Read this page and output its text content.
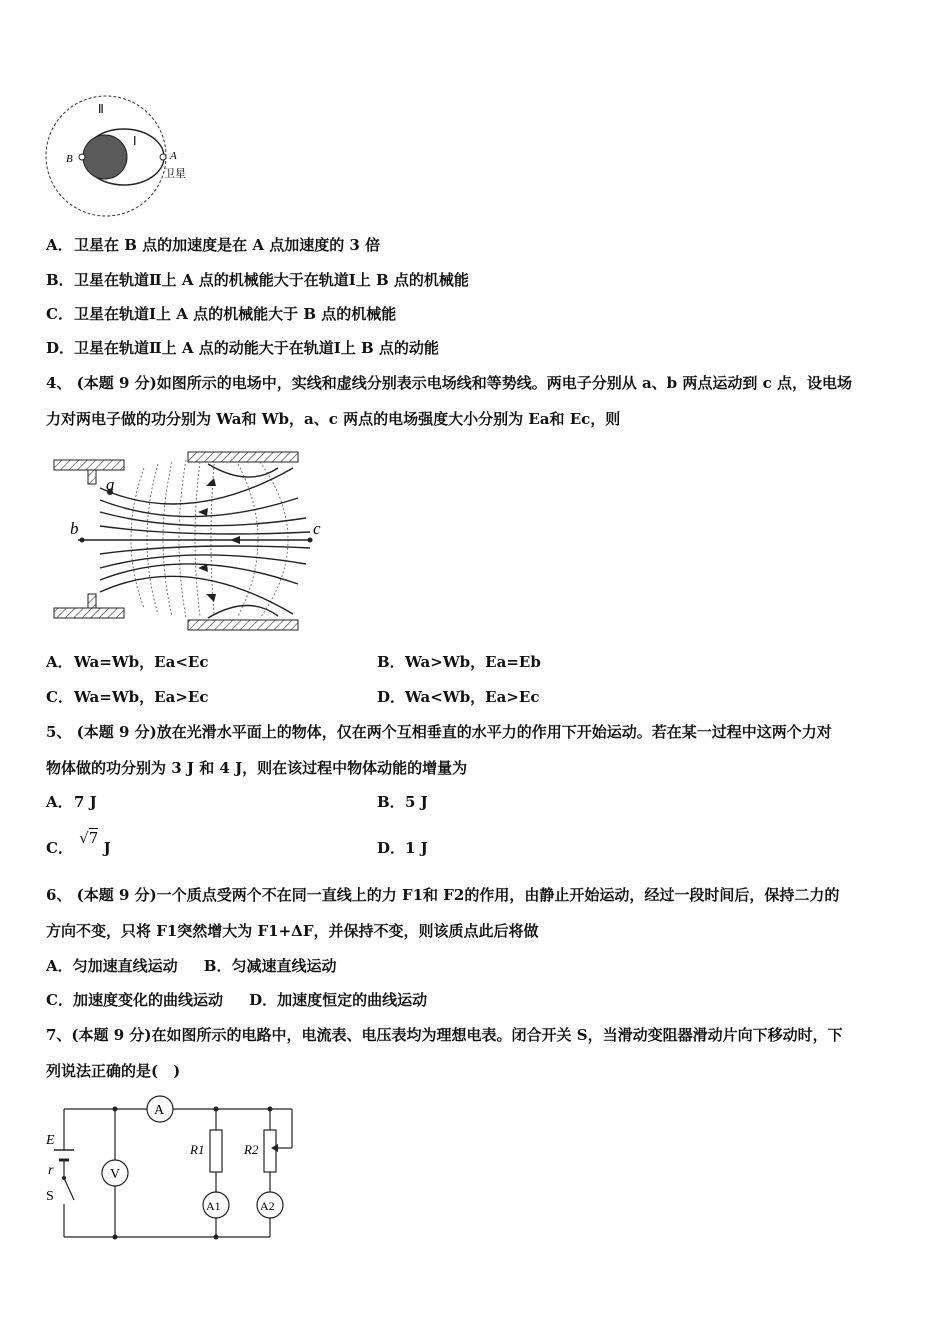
Ⅱ
Ⅰ
B	A
卫星
A．卫星在 B 点的加速度是在 A 点加速度的 3 倍
B．卫星在轨道Ⅱ上 A 点的机械能大于在轨道Ⅰ上 B 点的机械能
C．卫星在轨道Ⅰ上 A 点的机械能大于 B 点的机械能
D．卫星在轨道Ⅱ上 A 点的动能大于在轨道Ⅰ上 B 点的动能
4、 (本题 9 分)如图所示的电场中，实线和虚线分别表示电场线和等势线。两电子分别从 a、b 两点运动到 c 点，设电场
力对两电子做的功分别为 Wa和 Wb，a、c 两点的电场强度大小分别为 Ea和 Ec，则
a
b	c
A．Wa=Wb，Ea<Ec	B．Wa>Wb，Ea=Eb
C．Wa=Wb，Ea>Ec	D．Wa<Wb，Ea>Ec
5、 (本题 9 分)放在光滑水平面上的物体，仅在两个互相垂直的水平力的作用下开始运动。若在某一过程中这两个力对
物体做的功分别为 3 J 和 4 J，则在该过程中物体动能的增量为
A．7 J	B．5 J
C． √7 J	D．1 J
6、 (本题 9 分)一个质点受两个不在同一直线上的力 F1和 F2的作用，由静止开始运动，经过一段时间后，保持二力的
方向不变，只将 F1突然增大为 F1+ΔF，并保持不变，则该质点此后将做
A．匀加速直线运动 B．匀减速直线运动
C．加速度变化的曲线运动 D．加速度恒定的曲线运动
7、(本题 9 分)在如图所示的电路中，电流表、电压表均为理想电表。闭合开关 S，当滑动变阻器滑动片向下移动时，下
列说法正确的是(　)
E
r
S
V
A
R1	R2
A1	A2
